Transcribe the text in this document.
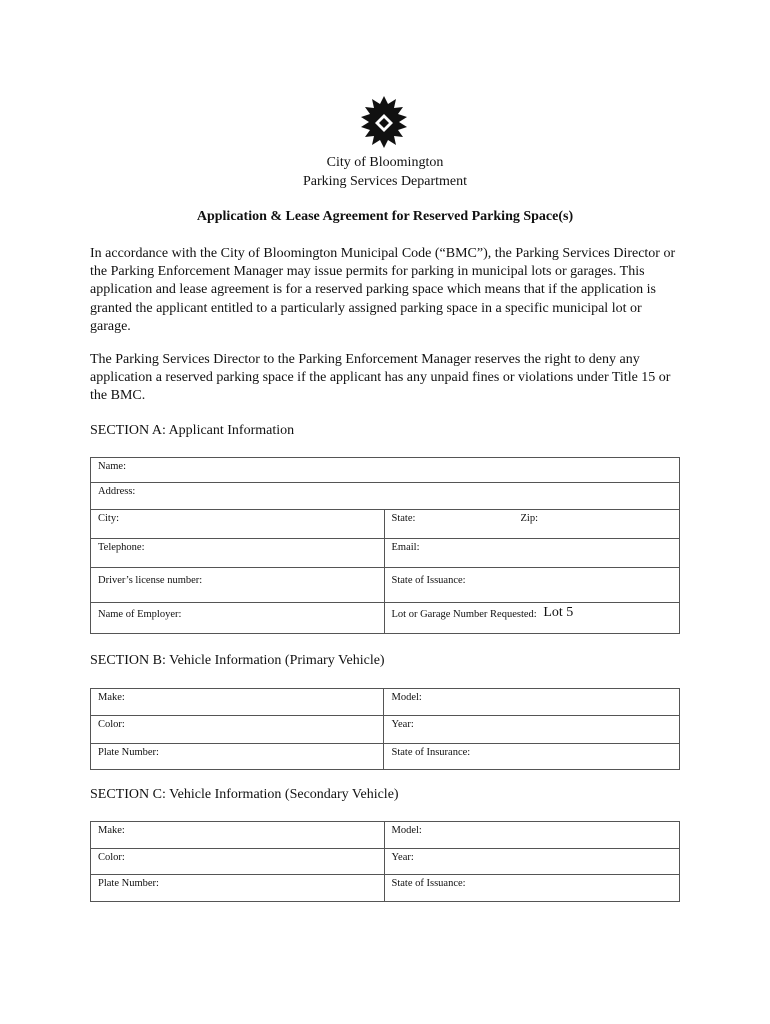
City of Bloomington
Parking Services Department
Application & Lease Agreement for Reserved Parking Space(s)

In accordance with the City of Bloomington Municipal Code (“BMC”), the Parking Services Director or the Parking Enforcement Manager may issue permits for parking in municipal lots or garages. This application and lease agreement is for a reserved parking space which means that if the application is granted the applicant entitled to a particularly assigned parking space in a specific municipal lot or garage.

The Parking Services Director to the Parking Enforcement Manager reserves the right to deny any application a reserved parking space if the applicant has any unpaid fines or violations under Title 15 or the BMC.

SECTION A: Applicant Information
Name:	
Address:	
City:	State: Zip:

Telephone:	Email:
Driver’s license number:	State of Issuance:
Name of Employer:	Lot or Garage Number Requested: Lot 5
SECTION B: Vehicle Information (Primary Vehicle)
Make:	Model:
Color:	Year:
Plate Number:	State of Insurance:
SECTION C: Vehicle Information (Secondary Vehicle)
Make:	Model:
Color:	Year:
Plate Number:	State of Issuance:
